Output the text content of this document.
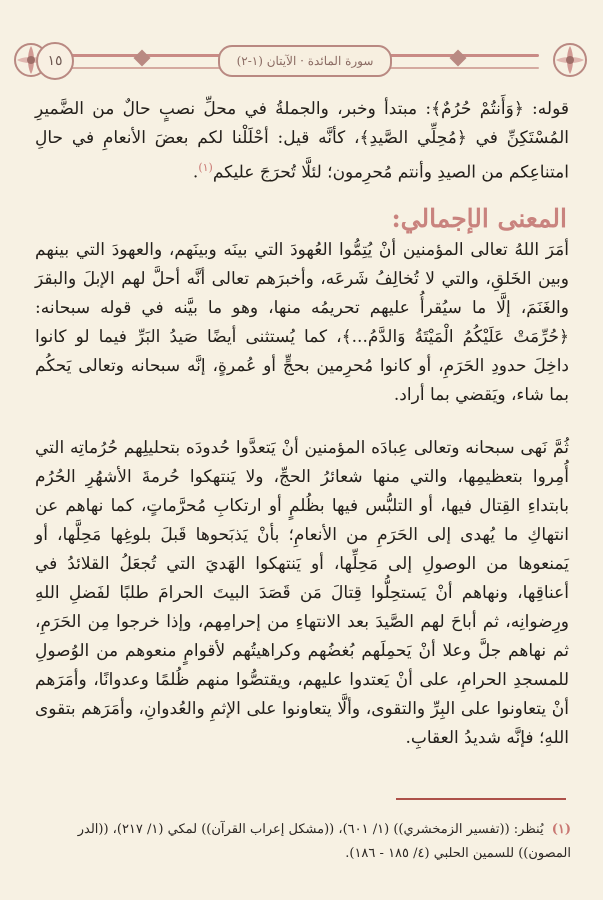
١٥	سورة المائدة · الآيتان (١-٢)
قوله: ﴿وَأَنتُمْ حُرُمٌ﴾: مبتدأ وخبر، والجملةُ في محلِّ نصبٍ حالٌ من الضَّميرِ المُسْتَكِنِّ في ﴿مُحِلِّي الصَّيدِ﴾، كأنَّه قيل: أحْلَلْنا لكم بعضَ الأنعامِ في حالِ امتناعِكم من الصيدِ وأنتم مُحرِمون؛ لئلَّا تُحرَجَ عليكم$^{(١)}$.
المعنى الإجمالي:
أمَرَ اللهُ تعالى المؤمنين أنْ يُتِمُّوا العُهودَ التي بينَه وبينَهم، والعهودَ التي بينهم وبين الخَلقِ، والتي لا تُخالِفُ شَرعَه، وأخبرَهم تعالى أنَّه أحلَّ لهم الإبلَ والبقرَ والغَنَمَ، إلَّا ما سيُقرأُ عليهم تحريمُه منها، وهو ما بيَّنه في قوله سبحانه: ﴿حُرِّمَتْ عَلَيْكُمُ الْمَيْتَةُ وَالدَّمُ...﴾، كما يُستثنى أيضًا صَيدُ البَرِّ فيما لو كانوا داخِلَ حدودِ الحَرَمِ، أو كانوا مُحرِمين بحجٍّ أو عُمرةٍ، إنَّه سبحانه وتعالى يَحكُم بما شاء، ويَقضي بما أراد.
ثُمَّ نَهى سبحانه وتعالى عِبادَه المؤمنين أنْ يَتعدَّوا حُدودَه بتحليلِهم حُرُماتِه التي أُمِروا بتعظيمِها، والتي منها شعائرُ الحجِّ، ولا يَنتهكوا حُرمةَ الأشهُرِ الحُرُم بابتداءِ القِتال فيها، أو التلبُّس فيها بظُلمٍ أو ارتكابِ مُحرَّماتٍ، كما نهاهم عن انتهاكِ ما يُهدى إلى الحَرَمِ من الأنعامِ؛ بأنْ يَذبَحوها قَبلَ بلوغِها مَحِلَّها، أو يَمنعوها من الوصولِ إلى مَحِلِّها، أو يَنتهكوا الهَديَ التي تُجعَلُ القلائدُ في أعناقِها، ونهاهم أنْ يَستحِلُّوا قِتالَ مَن قَصَدَ البيتَ الحرامَ طلبًا لفَضلِ اللهِ ورِضوانِه، ثم أباحَ لهم الصَّيدَ بعد الانتهاءِ من إحرامِهم، وإذا خرجوا مِن الحَرَمِ، ثم نهاهم جلَّ وعلا أنْ يَحمِلَهم بُغضُهم وكراهيتُهم لأقوامٍ منعوهم من الوُصولِ للمسجدِ الحرامِ، على أنْ يَعتدوا عليهم، ويقتصُّوا منهم ظُلمًا وعدوانًا، وأمَرَهم أنْ يتعاونوا على البِرِّ والتقوى، وألَّا يتعاونوا على الإثمِ والعُدوانِ، وأمَرَهم بتقوى اللهِ؛ فإنَّه شديدُ العقابِ.
(١) يُنظر: ((تفسير الزمخشري)) (١/ ٦٠١)، ((مشكل إعراب القرآن)) لمكي (١/ ٢١٧)، ((الدر المصون)) للسمين الحلبي (٤/ ١٨٥ - ١٨٦).
